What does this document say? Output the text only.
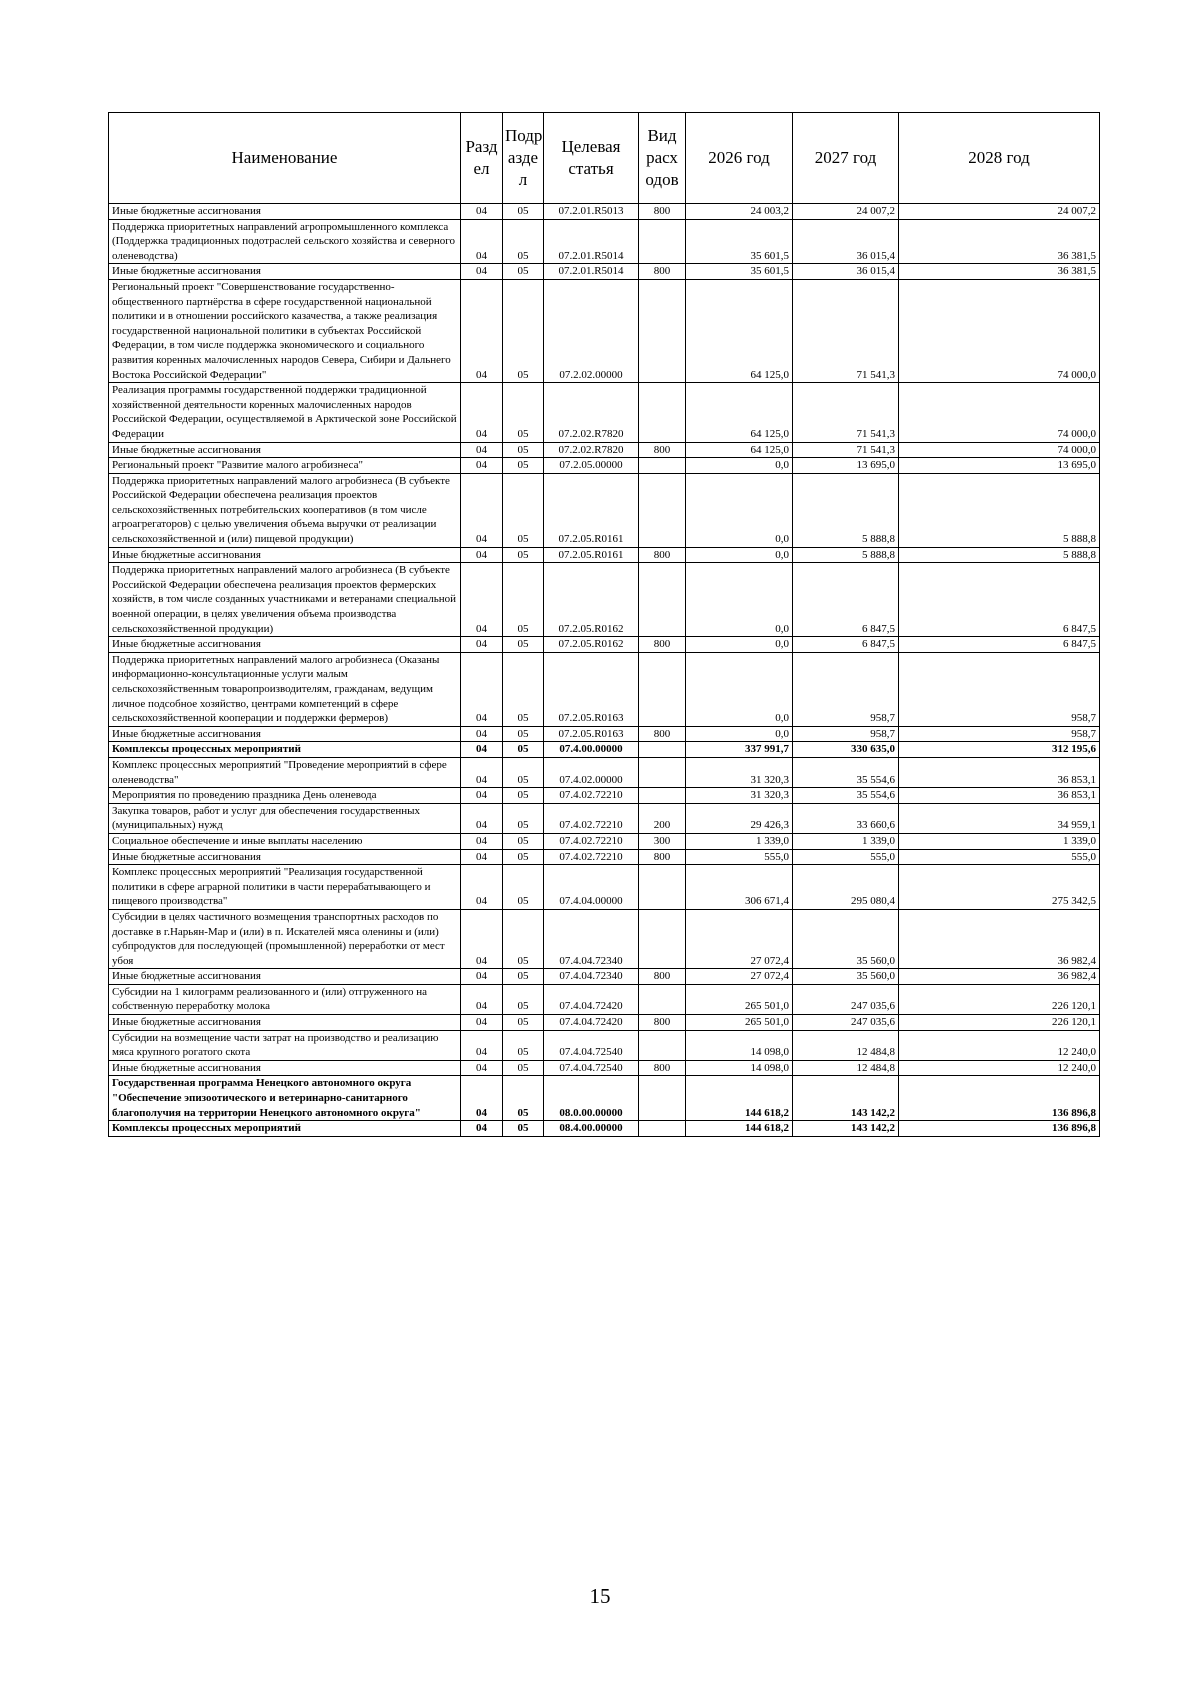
Наименование	Разд ел	Подр азде л	Целевая статья	Вид расх одов	2026 год	2027 год	2028 год
Иные бюджетные ассигнования	04	05	07.2.01.R5013	800	24 003,2	24 007,2	24 007,2
Поддержка приоритетных направлений агропромышленного комплекса (Поддержка традиционных подотраслей сельского хозяйства и северного оленеводства)	04	05	07.2.01.R5014		35 601,5	36 015,4	36 381,5
Иные бюджетные ассигнования	04	05	07.2.01.R5014	800	35 601,5	36 015,4	36 381,5
Региональный проект "Совершенствование государственно-общественного партнёрства в сфере государственной национальной политики и в отношении российского казачества, а также реализация государственной национальной политики в субъектах Российской Федерации, в том числе поддержка экономического и социального развития коренных малочисленных народов Севера, Сибири и Дальнего Востока Российской Федерации"	04	05	07.2.02.00000		64 125,0	71 541,3	74 000,0
Реализация программы государственной поддержки традиционной хозяйственной деятельности коренных малочисленных народов Российской Федерации, осуществляемой в Арктической зоне Российской Федерации	04	05	07.2.02.R7820		64 125,0	71 541,3	74 000,0
Иные бюджетные ассигнования	04	05	07.2.02.R7820	800	64 125,0	71 541,3	74 000,0
Региональный проект "Развитие малого агробизнеса"	04	05	07.2.05.00000		0,0	13 695,0	13 695,0
Поддержка приоритетных направлений малого агробизнеса (В субъекте Российской Федерации обеспечена реализация проектов сельскохозяйственных потребительских кооперативов (в том числе агроагрегаторов) с целью увеличения объема выручки от реализации сельскохозяйственной и (или) пищевой продукции)	04	05	07.2.05.R0161		0,0	5 888,8	5 888,8
Иные бюджетные ассигнования	04	05	07.2.05.R0161	800	0,0	5 888,8	5 888,8
Поддержка приоритетных направлений малого агробизнеса (В субъекте Российской Федерации обеспечена реализация проектов фермерских хозяйств, в том числе созданных участниками и ветеранами специальной военной операции, в целях увеличения объема производства сельскохозяйственной продукции)	04	05	07.2.05.R0162		0,0	6 847,5	6 847,5
Иные бюджетные ассигнования	04	05	07.2.05.R0162	800	0,0	6 847,5	6 847,5
Поддержка приоритетных направлений малого агробизнеса (Оказаны информационно-консультационные услуги малым сельскохозяйственным товаропроизводителям, гражданам, ведущим личное подсобное хозяйство, центрами компетенций в сфере сельскохозяйственной кооперации и поддержки фермеров)	04	05	07.2.05.R0163		0,0	958,7	958,7
Иные бюджетные ассигнования	04	05	07.2.05.R0163	800	0,0	958,7	958,7
Комплексы процессных мероприятий	04	05	07.4.00.00000		337 991,7	330 635,0	312 195,6
Комплекс процессных мероприятий "Проведение мероприятий в сфере оленеводства"	04	05	07.4.02.00000		31 320,3	35 554,6	36 853,1
Мероприятия по проведению праздника День оленевода	04	05	07.4.02.72210		31 320,3	35 554,6	36 853,1
Закупка товаров, работ и услуг для обеспечения государственных (муниципальных) нужд	04	05	07.4.02.72210	200	29 426,3	33 660,6	34 959,1
Социальное обеспечение и иные выплаты населению	04	05	07.4.02.72210	300	1 339,0	1 339,0	1 339,0
Иные бюджетные ассигнования	04	05	07.4.02.72210	800	555,0	555,0	555,0
Комплекс процессных мероприятий "Реализация государственной политики в сфере аграрной политики в части перерабатывающего и пищевого производства"	04	05	07.4.04.00000		306 671,4	295 080,4	275 342,5
Субсидии в целях частичного возмещения транспортных расходов по доставке в г.Нарьян-Мар и (или) в п. Искателей мяса оленины и (или) субпродуктов для последующей (промышленной) переработки от мест убоя	04	05	07.4.04.72340		27 072,4	35 560,0	36 982,4
Иные бюджетные ассигнования	04	05	07.4.04.72340	800	27 072,4	35 560,0	36 982,4
Субсидии на 1 килограмм реализованного и (или) отгруженного на собственную переработку молока	04	05	07.4.04.72420		265 501,0	247 035,6	226 120,1
Иные бюджетные ассигнования	04	05	07.4.04.72420	800	265 501,0	247 035,6	226 120,1
Субсидии на возмещение части затрат на производство и реализацию мяса крупного рогатого скота	04	05	07.4.04.72540		14 098,0	12 484,8	12 240,0
Иные бюджетные ассигнования	04	05	07.4.04.72540	800	14 098,0	12 484,8	12 240,0
Государственная программа Ненецкого автономного округа "Обеспечение эпизоотического и ветеринарно-санитарного благополучия на территории Ненецкого автономного округа"	04	05	08.0.00.00000		144 618,2	143 142,2	136 896,8
Комплексы процессных мероприятий	04	05	08.4.00.00000		144 618,2	143 142,2	136 896,8
15
